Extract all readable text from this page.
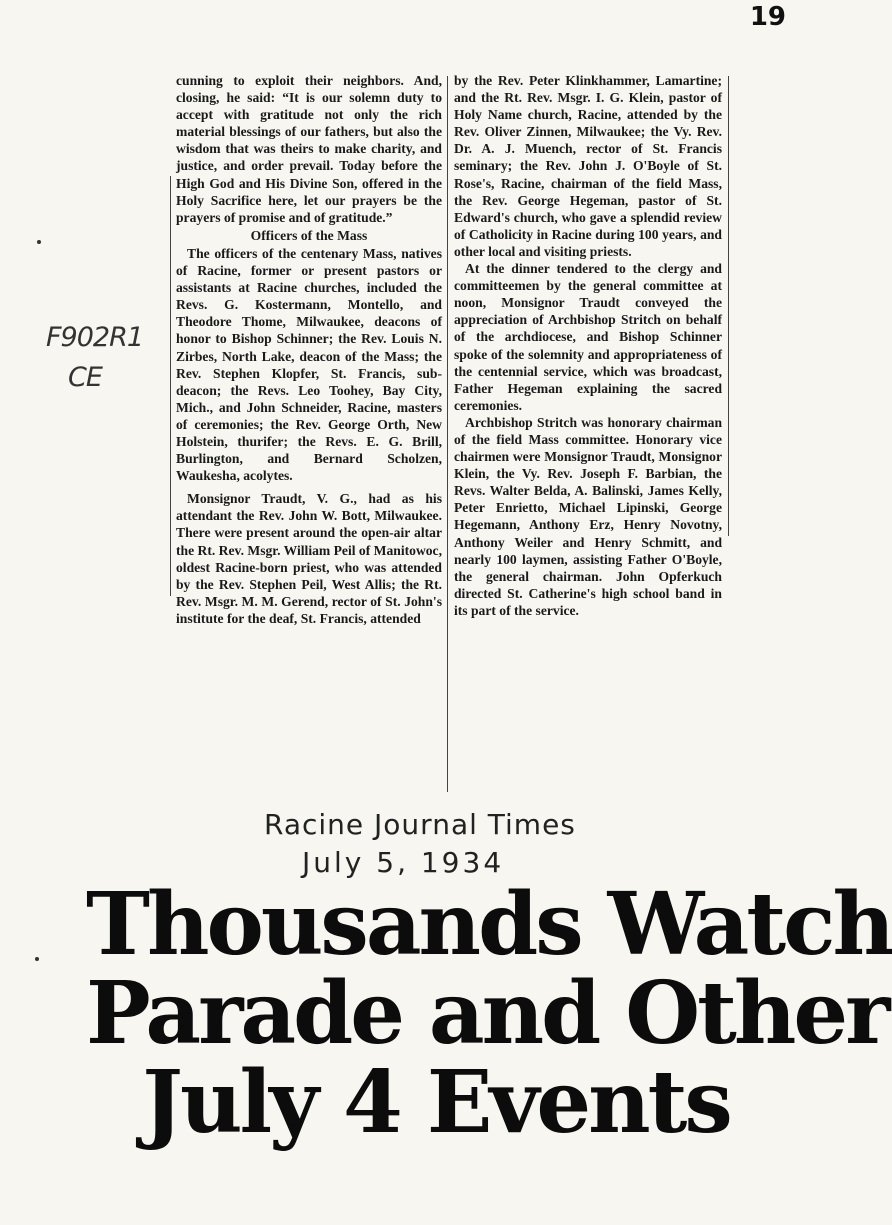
19
F902R1
CE

cunning to exploit their neighbors. And, closing, he said: “It is our solemn duty to accept with gratitude not only the rich material blessings of our fathers, but also the wisdom that was theirs to make charity, and justice, and order prevail. Today before the High God and His Divine Son, offered in the Holy Sacrifice here, let our prayers be the prayers of promise and of gratitude.”

Officers of the Mass

The officers of the centenary Mass, natives of Racine, former or present pastors or assistants at Racine churches, included the Revs. G. Kostermann, Montello, and Theodore Thome, Milwaukee, deacons of honor to Bishop Schinner; the Rev. Louis N. Zirbes, North Lake, deacon of the Mass; the Rev. Stephen Klopfer, St. Francis, sub-deacon; the Revs. Leo Toohey, Bay City, Mich., and John Schneider, Racine, masters of ceremonies; the Rev. George Orth, New Holstein, thurifer; the Revs. E. G. Brill, Burlington, and Bernard Scholzen, Waukesha, acolytes.

Monsignor Traudt, V. G., had as his attendant the Rev. John W. Bott, Milwaukee. There were present around the open-air altar the Rt. Rev. Msgr. William Peil of Manitowoc, oldest Racine-born priest, who was attended by the Rev. Stephen Peil, West Allis; the Rt. Rev. Msgr. M. M. Gerend, rector of St. John's institute for the deaf, St. Francis, attended

by the Rev. Peter Klinkhammer, Lamartine; and the Rt. Rev. Msgr. I. G. Klein, pastor of Holy Name church, Racine, attended by the Rev. Oliver Zinnen, Milwaukee; the Vy. Rev. Dr. A. J. Muench, rector of St. Francis seminary; the Rev. John J. O'Boyle of St. Rose's, Racine, chairman of the field Mass, the Rev. George Hegeman, pastor of St. Edward's church, who gave a splendid review of Catholicity in Racine during 100 years, and other local and visiting priests.

At the dinner tendered to the clergy and committeemen by the general committee at noon, Monsignor Traudt conveyed the appreciation of Archbishop Stritch on behalf of the archdiocese, and Bishop Schinner spoke of the solemnity and appropriateness of the centennial service, which was broadcast, Father Hegeman explaining the sacred ceremonies.

Archbishop Stritch was honorary chairman of the field Mass committee. Honorary vice chairmen were Monsignor Traudt, Monsignor Klein, the Vy. Rev. Joseph F. Barbian, the Revs. Walter Belda, A. Balinski, James Kelly, Peter Enrietto, Michael Lipinski, George Hegemann, Anthony Erz, Henry Novotny, Anthony Weiler and Henry Schmitt, and nearly 100 laymen, assisting Father O'Boyle, the general chairman. John Opferkuch directed St. Catherine's high school band in its part of the service.

Racine Journal Times
July 5, 1934
Thousands Watch
Parade and Other
July 4 Events
